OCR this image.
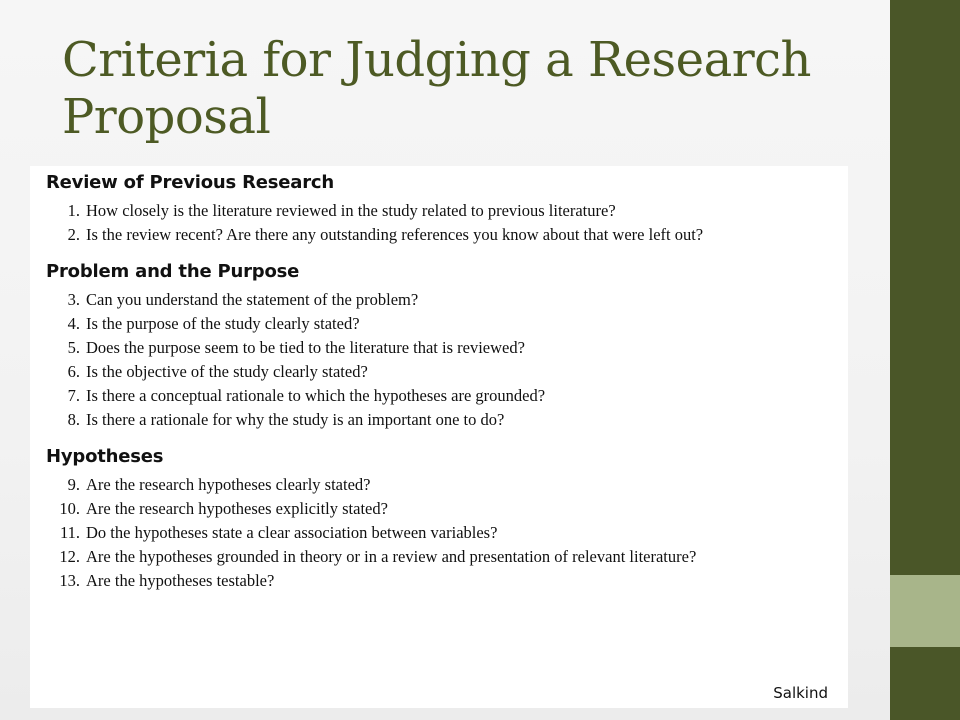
Criteria for Judging a Research Proposal
Review of Previous Research
1. How closely is the literature reviewed in the study related to previous literature?
2. Is the review recent? Are there any outstanding references you know about that were left out?
Problem and the Purpose
3. Can you understand the statement of the problem?
4. Is the purpose of the study clearly stated?
5. Does the purpose seem to be tied to the literature that is reviewed?
6. Is the objective of the study clearly stated?
7. Is there a conceptual rationale to which the hypotheses are grounded?
8. Is there a rationale for why the study is an important one to do?
Hypotheses
9. Are the research hypotheses clearly stated?
10. Are the research hypotheses explicitly stated?
11. Do the hypotheses state a clear association between variables?
12. Are the hypotheses grounded in theory or in a review and presentation of relevant literature?
13. Are the hypotheses testable?
Salkind
